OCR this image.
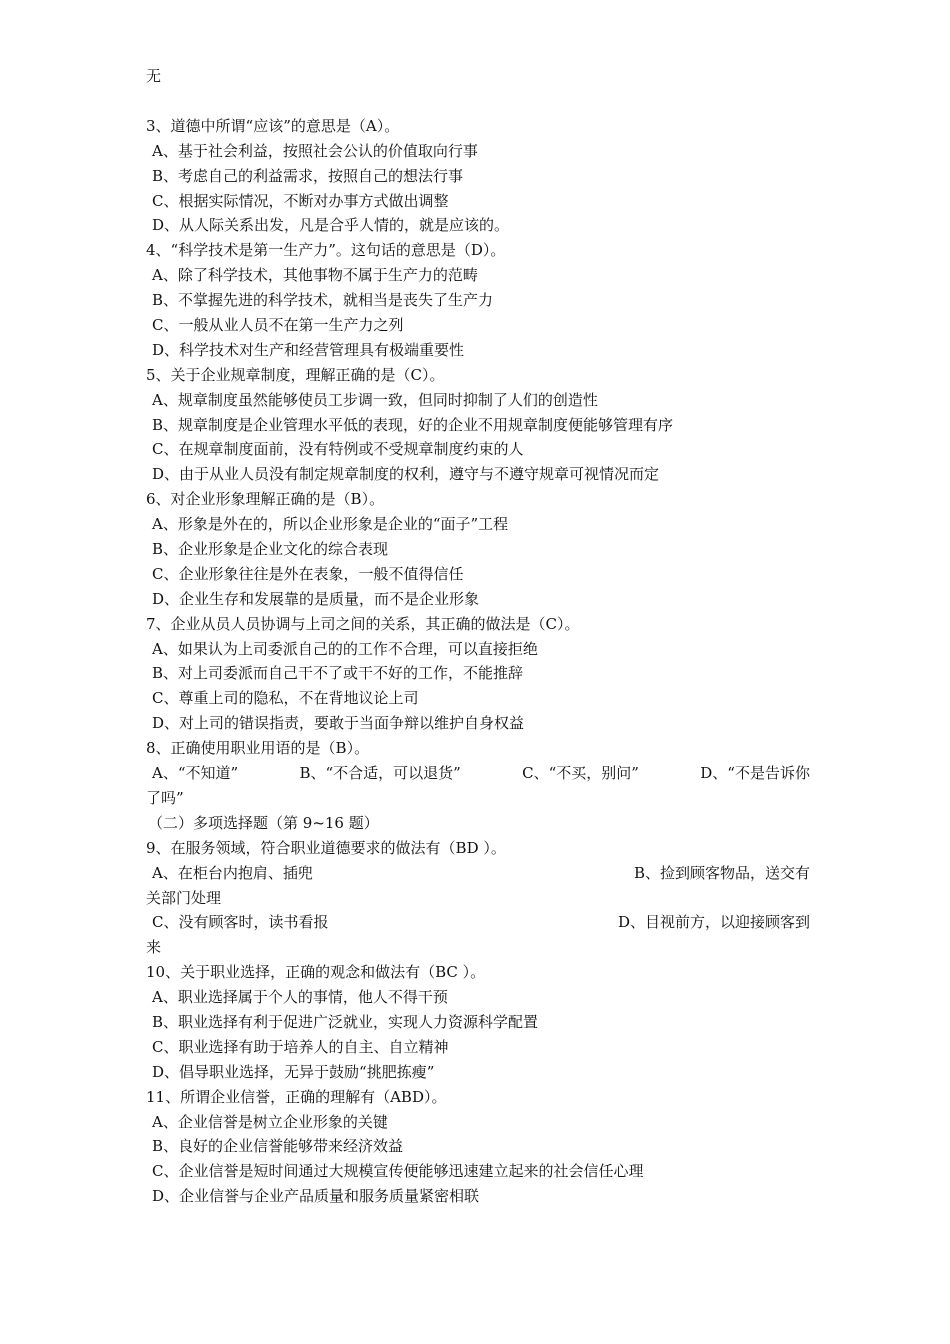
无
3、道德中所谓“应该”的意思是（A）。
A、基于社会利益，按照社会公认的价值取向行事
B、考虑自己的利益需求，按照自己的想法行事
C、根据实际情况，不断对办事方式做出调整
D、从人际关系出发，凡是合乎人情的，就是应该的。
4、“科学技术是第一生产力”。这句话的意思是（D）。
A、除了科学技术，其他事物不属于生产力的范畴
B、不掌握先进的科学技术，就相当是丧失了生产力
C、一般从业人员不在第一生产力之列
D、科学技术对生产和经营管理具有极端重要性
5、关于企业规章制度，理解正确的是（C）。
A、规章制度虽然能够使员工步调一致，但同时抑制了人们的创造性
B、规章制度是企业管理水平低的表现，好的企业不用规章制度便能够管理有序
C、在规章制度面前，没有特例或不受规章制度约束的人
D、由于从业人员没有制定规章制度的权利，遵守与不遵守规章可视情况而定
6、对企业形象理解正确的是（B）。
A、形象是外在的，所以企业形象是企业的“面子”工程
B、企业形象是企业文化的综合表现
C、企业形象往往是外在表象，一般不值得信任
D、企业生存和发展靠的是质量，而不是企业形象
7、企业从员人员协调与上司之间的关系，其正确的做法是（C）。
A、如果认为上司委派自己的的工作不合理，可以直接拒绝
B、对上司委派而自己干不了或干不好的工作，不能推辞
C、尊重上司的隐私，不在背地议论上司
D、对上司的错误指责，要敢于当面争辩以维护自身权益
8、正确使用职业用语的是（B）。
A、“不知道”	B、“不合适，可以退货”	C、“不买，别问”	D、“不是告诉你
了吗”
（二）多项选择题（第 9~16 题）
9、在服务领域，符合职业道德要求的做法有（BD ）。
A、在柜台内抱肩、插兜	B、捡到顾客物品，送交有
关部门处理
C、没有顾客时，读书看报	D、目视前方，以迎接顾客到
来
10、关于职业选择，正确的观念和做法有（BC ）。
A、职业选择属于个人的事情，他人不得干预
B、职业选择有利于促进广泛就业，实现人力资源科学配置
C、职业选择有助于培养人的自主、自立精神
D、倡导职业选择，无异于鼓励“挑肥拣瘦”
11、所谓企业信誉，正确的理解有（ABD）。
A、企业信誉是树立企业形象的关键
B、良好的企业信誉能够带来经济效益
C、企业信誉是短时间通过大规模宣传便能够迅速建立起来的社会信任心理
D、企业信誉与企业产品质量和服务质量紧密相联
